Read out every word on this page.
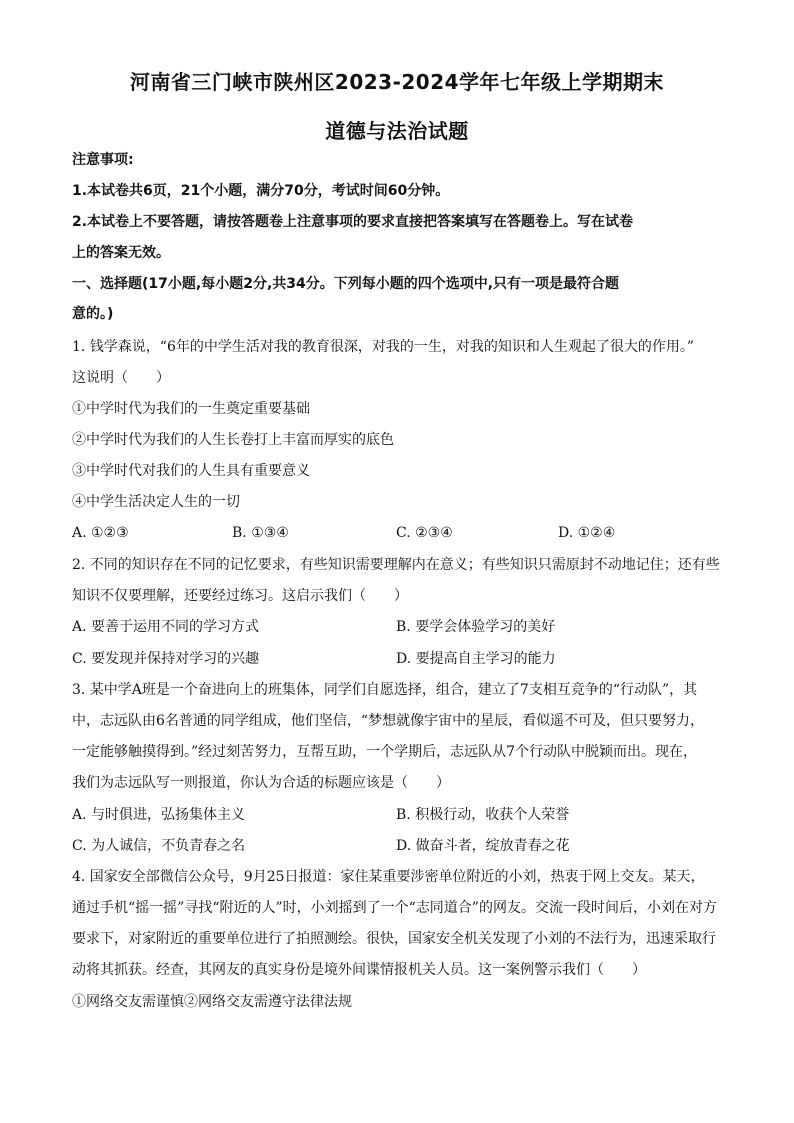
河南省三门峡市陕州区2023-2024学年七年级上学期期末
道德与法治试题
注意事项:
1.本试卷共6页，21个小题，满分70分，考试时间60分钟。
2.本试卷上不要答题，请按答题卷上注意事项的要求直接把答案填写在答题卷上。写在试卷
上的答案无效。
一、选择题(17小题,每小题2分,共34分。下列每小题的四个选项中,只有一项是最符合题
意的。)
1. 钱学森说，“6年的中学生活对我的教育很深，对我的一生，对我的知识和人生观起了很大的作用。”
这说明（　　）
①中学时代为我们的一生奠定重要基础
②中学时代为我们的人生长卷打上丰富而厚实的底色
③中学时代对我们的人生具有重要意义
④中学生活决定人生的一切
A. ①②③	B. ①③④	C. ②③④	D. ①②④
2. 不同的知识存在不同的记忆要求，有些知识需要理解内在意义；有些知识只需原封不动地记住；还有些
知识不仅要理解，还要经过练习。这启示我们（　　）
A. 要善于运用不同的学习方式	B. 要学会体验学习的美好
C. 要发现并保持对学习的兴趣	D. 要提高自主学习的能力
3. 某中学A班是一个奋进向上的班集体，同学们自愿选择，组合，建立了7支相互竞争的“行动队”，其
中，志远队由6名普通的同学组成，他们坚信，“梦想就像宇宙中的星辰，看似遥不可及，但只要努力，
一定能够触摸得到。”经过刻苦努力，互帮互助，一个学期后，志远队从7个行动队中脱颖而出。现在，
我们为志远队写一则报道，你认为合适的标题应该是（　　）
A. 与时俱进，弘扬集体主义	B. 积极行动，收获个人荣誉
C. 为人诚信，不负青春之名	D. 做奋斗者，绽放青春之花
4. 国家安全部微信公众号，9月25日报道：家住某重要涉密单位附近的小刘，热衷于网上交友。某天，
通过手机“摇一摇”寻找“附近的人”时，小刘摇到了一个“志同道合”的网友。交流一段时间后，小刘在对方
要求下，对家附近的重要单位进行了拍照测绘。很快，国家安全机关发现了小刘的不法行为，迅速采取行
动将其抓获。经查，其网友的真实身份是境外间谍情报机关人员。这一案例警示我们（　　）
①网络交友需谨慎②网络交友需遵守法律法规
